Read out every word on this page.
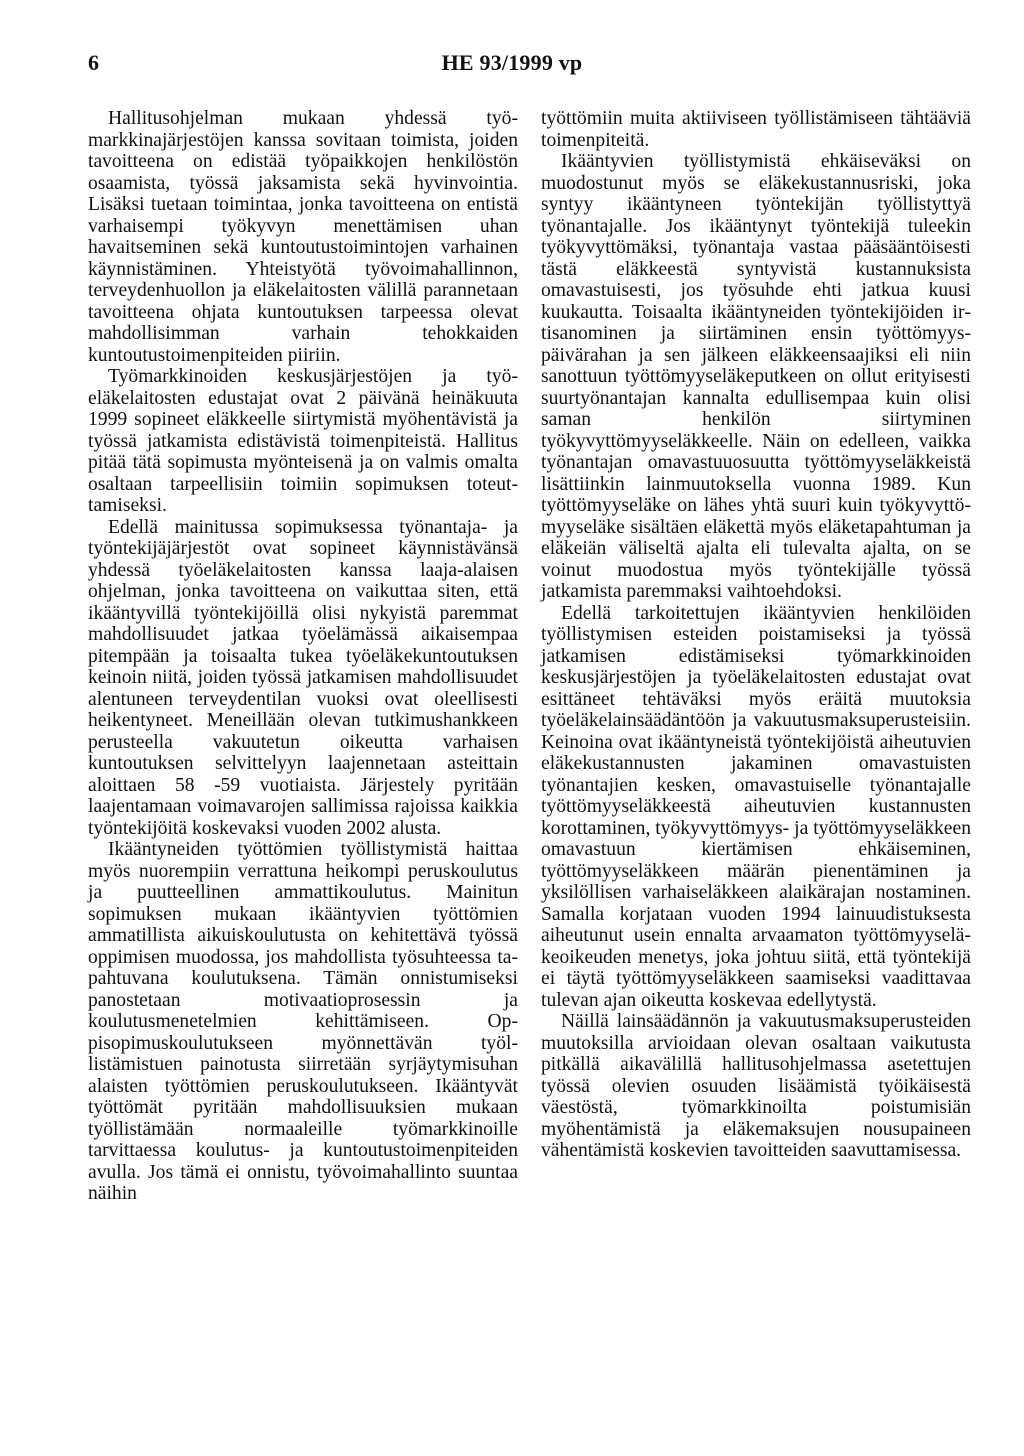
6	HE 93/1999 vp

Hallitusohjelman mukaan yhdessä työmarkkinajärjestöjen kanssa sovitaan toimista, joiden tavoitteena on edistää työpaikkojen henkilöstön osaamista, työssä jaksamista sekä hyvinvointia. Lisäksi tuetaan toimintaa, jonka tavoitteena on entistä varhaisempi työkyvyn menettämisen uhan havaitseminen sekä kuntoutustoimintojen varhainen käynnistäminen. Yhteistyötä työvoimahallinnon, terveydenhuollon ja eläkelaitosten välillä parannetaan tavoitteena ohjata kuntoutuksen tarpeessa olevat mahdollisimman varhain tehokkaiden kuntoutustoimenpiteiden piiriin.

Työmarkkinoiden keskusjärjestöjen ja työeläkelaitosten edustajat ovat 2 päivänä heinäkuuta 1999 sopineet eläkkeelle siirtymistä myöhentävistä ja työssä jatkamista edistävistä toimenpiteistä. Hallitus pitää tätä sopimusta myönteisenä ja on valmis omalta osaltaan tarpeellisiin toimiin sopimuksen toteuttamiseksi.

Edellä mainitussa sopimuksessa työnantaja- ja työntekijäjärjestöt ovat sopineet käynnistävänsä yhdessä työeläkelaitosten kanssa laaja-alaisen ohjelman, jonka tavoitteena on vaikuttaa siten, että ikääntyvillä työntekijöillä olisi nykyistä paremmat mahdollisuudet jatkaa työelämässä aikaisempaa pitempään ja toisaalta tukea työeläkekuntoutuksen keinoin niitä, joiden työssä jatkamisen mahdollisuudet alentuneen terveydentilan vuoksi ovat oleellisesti heikentyneet. Meneillään olevan tutkimushankkeen perusteella vakuutetun oikeutta varhaisen kuntoutuksen selvittelyyn laajennetaan asteittain aloittaen 58 -59 vuotiaista. Järjestely pyritään laajentamaan voimavarojen sallimissa rajoissa kaikkia työntekijöitä koskevaksi vuoden 2002 alusta.

Ikääntyneiden työttömien työllistymistä haittaa myös nuorempiin verrattuna heikompi peruskoulutus ja puutteellinen ammattikoulutus. Mainitun sopimuksen mukaan ikääntyvien työttömien ammatillista aikuiskoulutusta on kehitettävä työssä oppimisen muodossa, jos mahdollista työsuhteessa tapahtuvana koulutuksena. Tämän onnistumiseksi panostetaan motivaatioprosessin ja koulutusmenetelmien kehittämiseen. Oppisopimuskoulutukseen myönnettävän työllistämistuen painotusta siirretään syrjäytymisuhan alaisten työttömien peruskoulutukseen. Ikääntyvät työttömät pyritään mahdollisuuksien mukaan työllistämään normaaleille työmarkkinoille tarvittaessa koulutus- ja kuntoutustoimenpiteiden avulla. Jos tämä ei onnistu, työvoimahallinto suuntaa näihin

työttömiin muita aktiiviseen työllistämiseen tähtääviä toimenpiteitä.

Ikääntyvien työllistymistä ehkäiseväksi on muodostunut myös se eläkekustannusriski, joka syntyy ikääntyneen työntekijän työllistyttyä työnantajalle. Jos ikääntynyt työntekijä tuleekin työkyvyttömäksi, työnantaja vastaa pääsääntöisesti tästä eläkkeestä syntyvistä kustannuksista omavastuisesti, jos työsuhde ehti jatkua kuusi kuukautta. Toisaalta ikääntyneiden työntekijöiden irtisanominen ja siirtäminen ensin työttömyyspäivärahan ja sen jälkeen eläkkeensaajiksi eli niin sanottuun työttömyyseläkeputkeen on ollut erityisesti suurtyönantajan kannalta edullisempaa kuin olisi saman henkilön siirtyminen työkyvyttömyyseläkkeelle. Näin on edelleen, vaikka työnantajan omavastuuosuutta työttömyyseläkkeistä lisättiinkin lainmuutoksella vuonna 1989. Kun työttömyyseläke on lähes yhtä suuri kuin työkyvyttömyyseläke sisältäen eläkettä myös eläketapahtuman ja eläkeiän väliseltä ajalta eli tulevalta ajalta, on se voinut muodostua myös työntekijälle työssä jatkamista paremmaksi vaihtoehdoksi.

Edellä tarkoitettujen ikääntyvien henkilöiden työllistymisen esteiden poistamiseksi ja työssä jatkamisen edistämiseksi työmarkkinoiden keskusjärjestöjen ja työeläkelaitosten edustajat ovat esittäneet tehtäväksi myös eräitä muutoksia työeläkelainsäädäntöön ja vakuutusmaksuperusteisiin. Keinoina ovat ikääntyneistä työntekijöistä aiheutuvien eläkekustannusten jakaminen omavastuisten työnantajien kesken, omavastuiselle työnantajalle työttömyyseläkkeestä aiheutuvien kustannusten korottaminen, työkyvyttömyys- ja työttömyyseläkkeen omavastuun kiertämisen ehkäiseminen, työttömyyseläkkeen määrän pienentäminen ja yksilöllisen varhaiseläkkeen alaikärajan nostaminen. Samalla korjataan vuoden 1994 lainuudistuksesta aiheutunut usein ennalta arvaamaton työttömyyseläkeoikeuden menetys, joka johtuu siitä, että työntekijä ei täytä työttömyyseläkkeen saamiseksi vaadittavaa tulevan ajan oikeutta koskevaa edellytystä.

Näillä lainsäädännön ja vakuutusmaksuperusteiden muutoksilla arvioidaan olevan osaltaan vaikutusta pitkällä aikavälillä hallitusohjelmassa asetettujen työssä olevien osuuden lisäämistä työikäisestä väestöstä, työmarkkinoilta poistumisiän myöhentämistä ja eläkemaksujen nousupaineen vähentämistä koskevien tavoitteiden saavuttamisessa.
